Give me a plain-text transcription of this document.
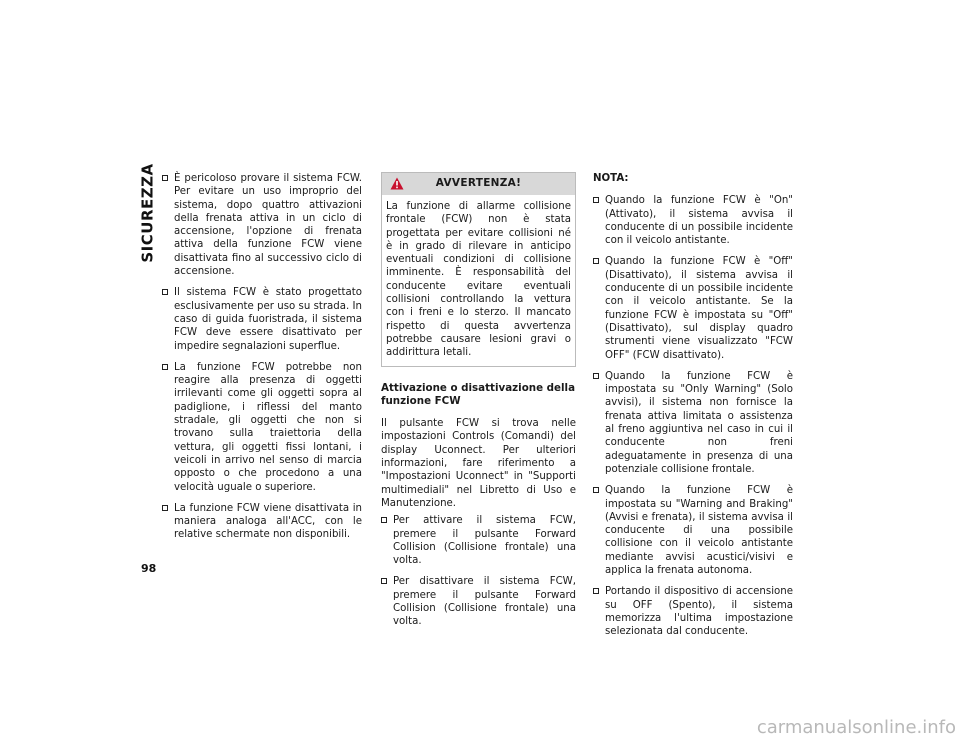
SICUREZZA
98
È pericoloso provare il sistema FCW. Per evitare un uso improprio del sistema, dopo quattro attivazioni della frenata attiva in un ciclo di accensione, l'opzione di frenata attiva della funzione FCW viene disattivata fino al successivo ciclo di accensione.
Il sistema FCW è stato progettato esclusivamente per uso su strada. In caso di guida fuoristrada, il sistema FCW deve essere disattivato per impedire segnalazioni superflue.
La funzione FCW potrebbe non reagire alla presenza di oggetti irrilevanti come gli oggetti sopra al padiglione, i riflessi del manto stradale, gli oggetti che non si trovano sulla traiettoria della vettura, gli oggetti fissi lontani, i veicoli in arrivo nel senso di marcia opposto o che procedono a una velocità uguale o superiore.
La funzione FCW viene disattivata in maniera analoga all'ACC, con le relative schermate non disponibili.
AVVERTENZA!
La funzione di allarme collisione frontale (FCW) non è stata progettata per evitare collisioni né è in grado di rilevare in anticipo eventuali condizioni di collisione imminente. È responsabilità del conducente evitare eventuali collisioni controllando la vettura con i freni e lo sterzo. Il mancato rispetto di questa avvertenza potrebbe causare lesioni gravi o addirittura letali.
Attivazione o disattivazione della funzione FCW
Il pulsante FCW si trova nelle impostazioni Controls (Comandi) del display Uconnect. Per ulteriori informazioni, fare riferimento a "Impostazioni Uconnect" in "Supporti multimediali" nel Libretto di Uso e Manutenzione.
Per attivare il sistema FCW, premere il pulsante Forward Collision (Collisione frontale) una volta.
Per disattivare il sistema FCW, premere il pulsante Forward Collision (Collisione frontale) una volta.
NOTA:
Quando la funzione FCW è "On" (Attivato), il sistema avvisa il conducente di un possibile incidente con il veicolo antistante.
Quando la funzione FCW è "Off" (Disattivato), il sistema avvisa il conducente di un possibile incidente con il veicolo antistante. Se la funzione FCW è impostata su "Off" (Disattivato), sul display quadro strumenti viene visualizzato "FCW OFF" (FCW disattivato).
Quando la funzione FCW è impostata su "Only Warning" (Solo avvisi), il sistema non fornisce la frenata attiva limitata o assistenza al freno aggiuntiva nel caso in cui il conducente non freni adeguatamente in presenza di una potenziale collisione frontale.
Quando la funzione FCW è impostata su "Warning and Braking" (Avvisi e frenata), il sistema avvisa il conducente di una possibile collisione con il veicolo antistante mediante avvisi acustici/visivi e applica la frenata autonoma.
Portando il dispositivo di accensione su OFF (Spento), il sistema memorizza l'ultima impostazione selezionata dal conducente.
carmanualsonline.info
